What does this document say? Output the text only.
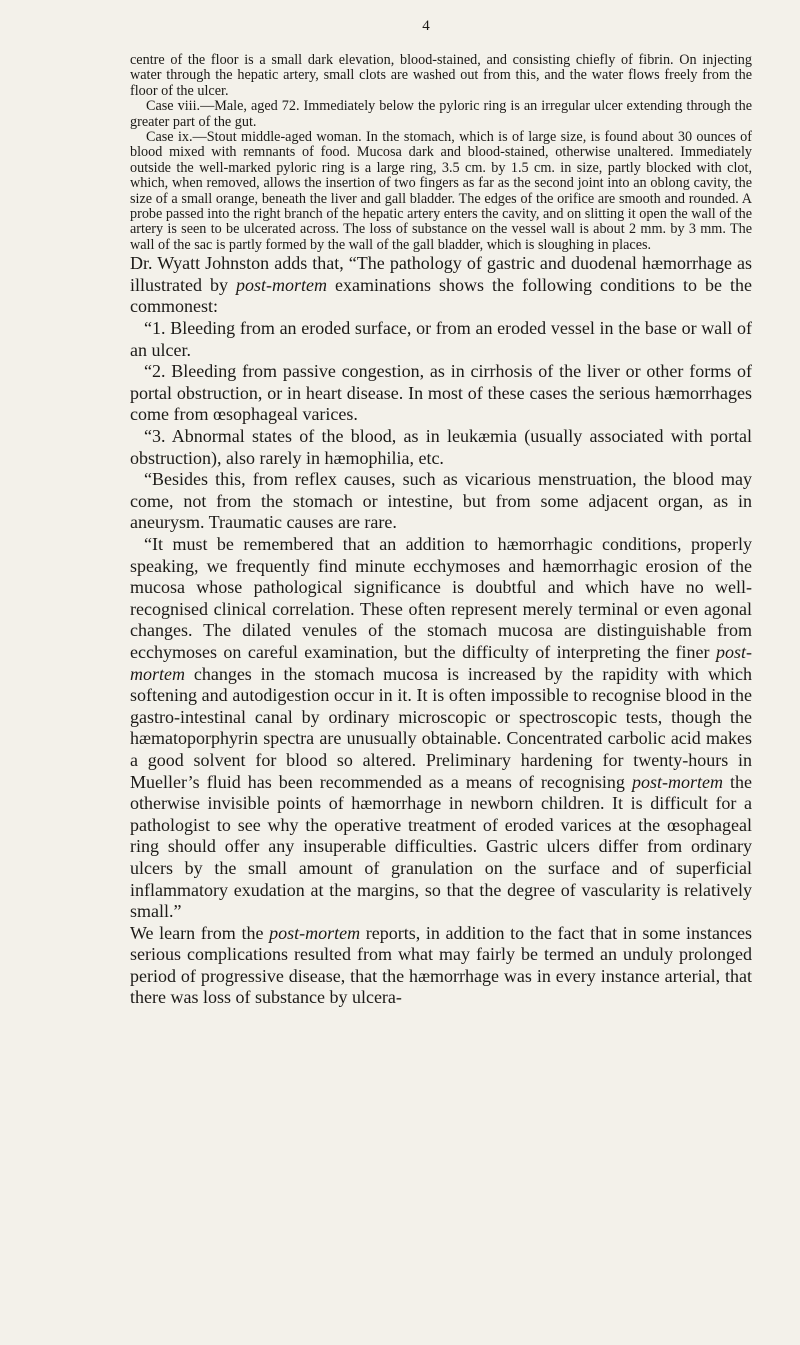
4

centre of the floor is a small dark elevation, blood-stained, and consisting chiefly of fibrin. On injecting water through the hepatic artery, small clots are washed out from this, and the water flows freely from the floor of the ulcer.

Case viii.—Male, aged 72. Immediately below the pyloric ring is an irregular ulcer extending through the greater part of the gut.

Case ix.—Stout middle-aged woman. In the stomach, which is of large size, is found about 30 ounces of blood mixed with remnants of food. Mucosa dark and blood-stained, otherwise unaltered. Immediately outside the well-marked pyloric ring is a large ring, 3.5 cm. by 1.5 cm. in size, partly blocked with clot, which, when removed, allows the insertion of two fingers as far as the second joint into an oblong cavity, the size of a small orange, beneath the liver and gall bladder. The edges of the orifice are smooth and rounded. A probe passed into the right branch of the hepatic artery enters the cavity, and on slitting it open the wall of the artery is seen to be ulcerated across. The loss of substance on the vessel wall is about 2 mm. by 3 mm. The wall of the sac is partly formed by the wall of the gall bladder, which is sloughing in places.

Dr. Wyatt Johnston adds that, “The pathology of gastric and duodenal hæmorrhage as illustrated by post-mortem examinations shows the following conditions to be the commonest:

“1. Bleeding from an eroded surface, or from an eroded vessel in the base or wall of an ulcer.

“2. Bleeding from passive congestion, as in cirrhosis of the liver or other forms of portal obstruction, or in heart disease. In most of these cases the serious hæmorrhages come from œsophageal varices.

“3. Abnormal states of the blood, as in leukæmia (usually associated with portal obstruction), also rarely in hæmophilia, etc.

“Besides this, from reflex causes, such as vicarious menstruation, the blood may come, not from the stomach or intestine, but from some adjacent organ, as in aneurysm. Traumatic causes are rare.

“It must be remembered that an addition to hæmorrhagic conditions, properly speaking, we frequently find minute ecchymoses and hæmorrhagic erosion of the mucosa whose pathological significance is doubtful and which have no well-recognised clinical correlation. These often represent merely terminal or even agonal changes. The dilated venules of the stomach mucosa are distinguishable from ecchymoses on careful examination, but the difficulty of interpreting the finer post-mortem changes in the stomach mucosa is increased by the rapidity with which softening and autodigestion occur in it. It is often impossible to recognise blood in the gastro-intestinal canal by ordinary microscopic or spectroscopic tests, though the hæmatoporphyrin spectra are unusually obtainable. Concentrated carbolic acid makes a good solvent for blood so altered. Preliminary hardening for twenty-hours in Mueller’s fluid has been recommended as a means of recognising post-mortem the otherwise invisible points of hæmorrhage in newborn children. It is difficult for a pathologist to see why the operative treatment of eroded varices at the œsophageal ring should offer any insuperable difficulties. Gastric ulcers differ from ordinary ulcers by the small amount of granulation on the surface and of superficial inflammatory exudation at the margins, so that the degree of vascularity is relatively small.”

We learn from the post-mortem reports, in addition to the fact that in some instances serious complications resulted from what may fairly be termed an unduly prolonged period of progressive disease, that the hæmorrhage was in every instance arterial, that there was loss of substance by ulcera-
